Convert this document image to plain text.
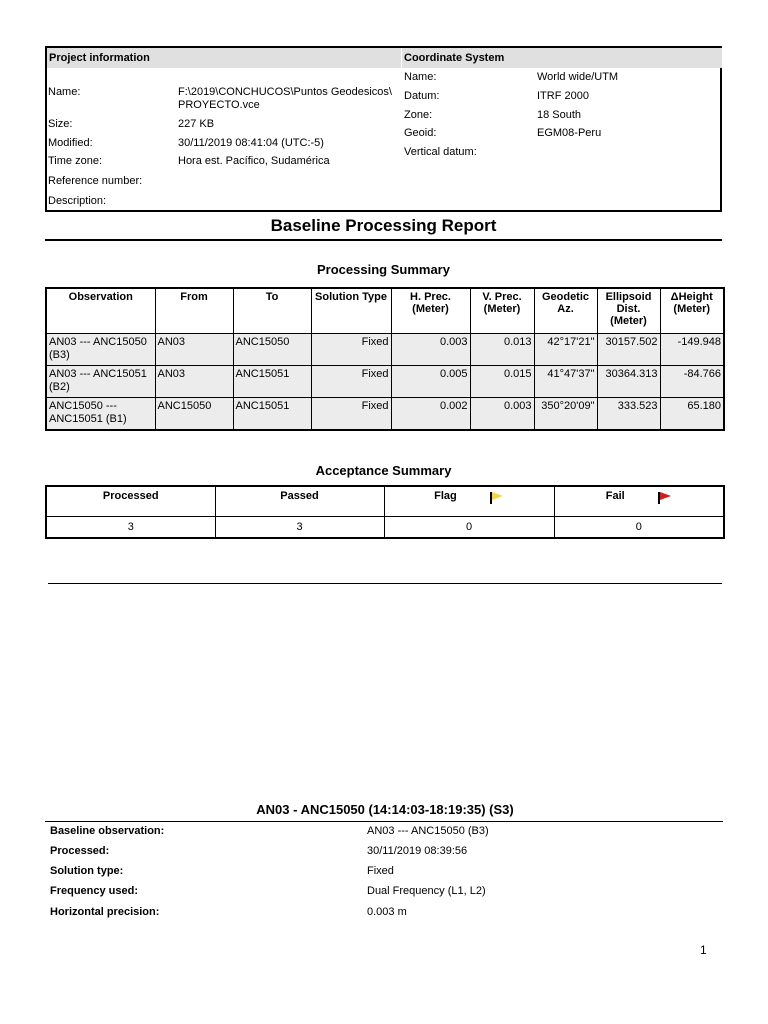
Project information	Coordinate System
Name:	F:\2019\CONCHUCOS\Puntos Geodesicos\
PROYECTO.vce
Size:	227 KB
Modified:	30/11/2019 08:41:04 (UTC:-5)
Time zone:	Hora est. Pacífico, Sudamérica
Reference number:
Description:
Name:	World wide/UTM
Datum:	ITRF 2000
Zone:	18 South
Geoid:	EGM08-Peru
Vertical datum:
Baseline Processing Report
Processing Summary
Observation	From	To	Solution Type	H. Prec. (Meter)	V. Prec. (Meter)	Geodetic Az.	Ellipsoid Dist. (Meter)	ΔHeight (Meter)
AN03 --- ANC15050 (B3)	AN03	ANC15050	Fixed	0.003	0.013	42°17'21"	30157.502	-149.948
AN03 --- ANC15051 (B2)	AN03	ANC15051	Fixed	0.005	0.015	41°47'37"	30364.313	-84.766
ANC15050 --- ANC15051 (B1)	ANC15050	ANC15051	Fixed	0.002	0.003	350°20'09"	333.523	65.180
Acceptance Summary
Processed	Passed	Flag	Fail

3	3	0	0
AN03 - ANC15050 (14:14:03-18:19:35) (S3)
Baseline observation:	AN03 --- ANC15050 (B3)
Processed:	30/11/2019 08:39:56
Solution type:	Fixed
Frequency used:	Dual Frequency (L1, L2)
Horizontal precision:	0.003 m
1
